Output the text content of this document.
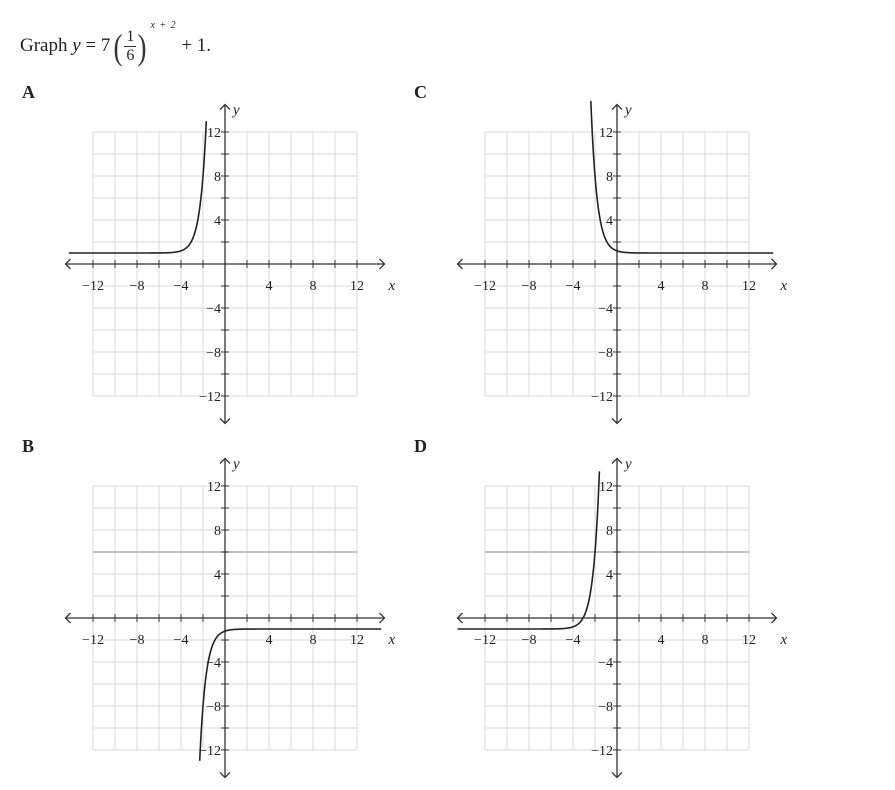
Graph $y = 7( \frac{1}{6} )^{x + 2} + 1$.
A	C
B	D
−12 −8 −4	4	8 12
12
8
4
−4
−8
−12
x
y
−12 −8 −4	4	8 12
12
8
4
−4
−8
−12
x
y
−12 −8 −4	4	8 12
12
8
4
−4
−8
−12
x
y
−12 −8 −4	4	8 12
12
8
4
−4
−8
−12
x
y
